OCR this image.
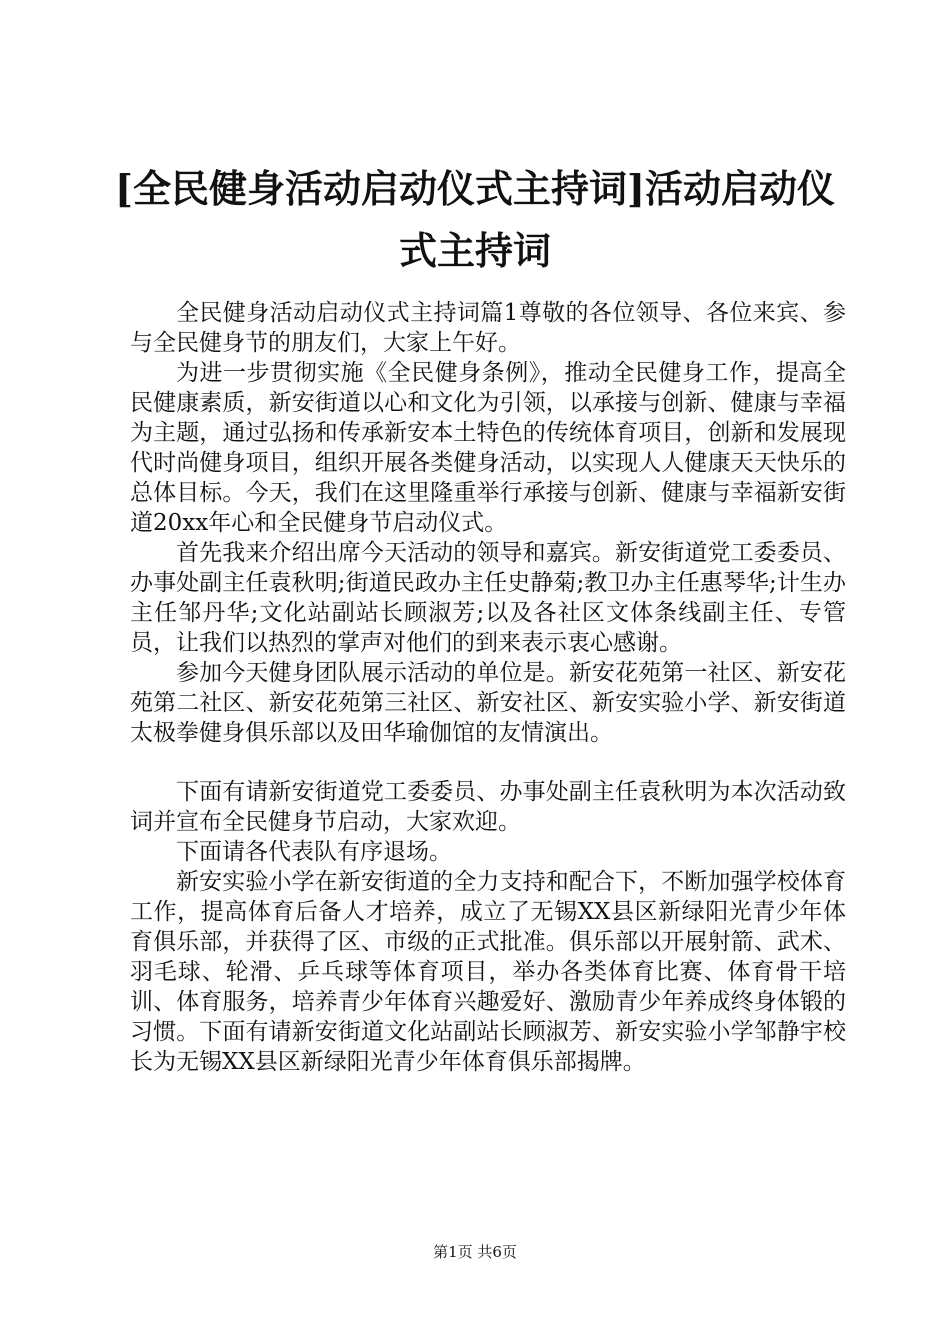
[全民健身活动启动仪式主持词]活动启动仪式主持词

全民健身活动启动仪式主持词篇1尊敬的各位领导、各位来宾、参与全民健身节的朋友们，大家上午好。

为进一步贯彻实施《全民健身条例》，推动全民健身工作，提高全民健康素质，新安街道以心和文化为引领，以承接与创新、健康与幸福为主题，通过弘扬和传承新安本土特色的传统体育项目，创新和发展现代时尚健身项目，组织开展各类健身活动，以实现人人健康天天快乐的总体目标。今天，我们在这里隆重举行承接与创新、健康与幸福新安街道20xx年心和全民健身节启动仪式。

首先我来介绍出席今天活动的领导和嘉宾。新安街道党工委委员、办事处副主任袁秋明;街道民政办主任史静菊;教卫办主任惠琴华;计生办主任邹丹华;文化站副站长顾淑芳;以及各社区文体条线副主任、专管员，让我们以热烈的掌声对他们的到来表示衷心感谢。

参加今天健身团队展示活动的单位是。新安花苑第一社区、新安花苑第二社区、新安花苑第三社区、新安社区、新安实验小学、新安街道太极拳健身俱乐部以及田华瑜伽馆的友情演出。

下面有请新安街道党工委委员、办事处副主任袁秋明为本次活动致词并宣布全民健身节启动，大家欢迎。

下面请各代表队有序退场。

新安实验小学在新安街道的全力支持和配合下，不断加强学校体育工作，提高体育后备人才培养，成立了无锡XX县区新绿阳光青少年体育俱乐部，并获得了区、市级的正式批准。俱乐部以开展射箭、武术、羽毛球、轮滑、乒乓球等体育项目，举办各类体育比赛、体育骨干培训、体育服务，培养青少年体育兴趣爱好、激励青少年养成终身体锻的习惯。下面有请新安街道文化站副站长顾淑芳、新安实验小学邹静宇校长为无锡XX县区新绿阳光青少年体育俱乐部揭牌。

第1页 共6页
